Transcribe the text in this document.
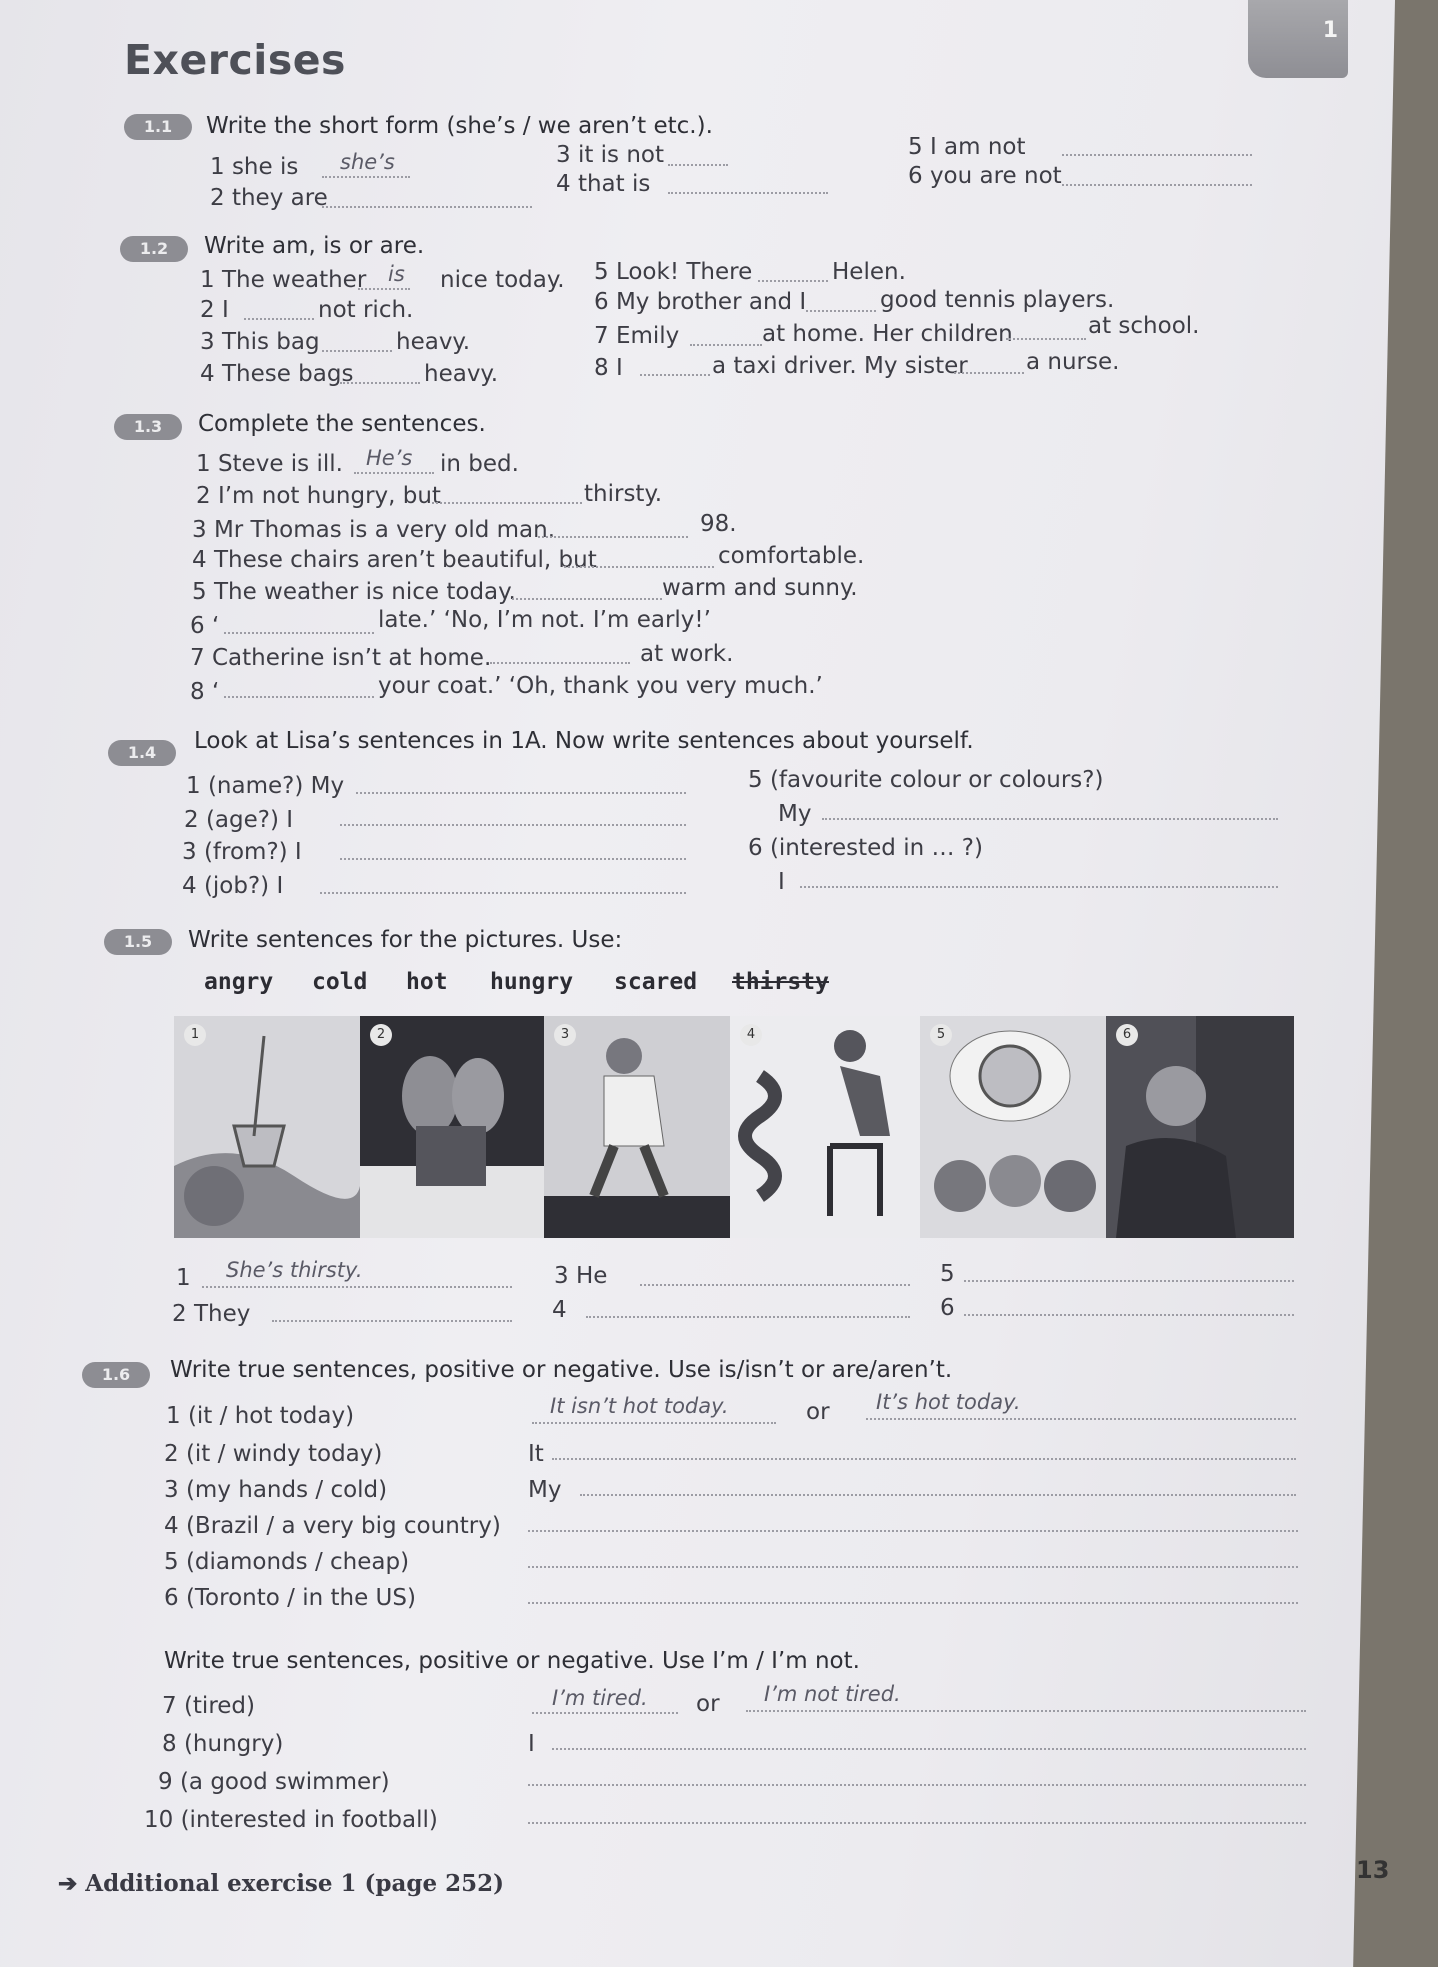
1
Exercises
1.1	Write the short form (she’s / we aren’t etc.).
1 she is she’s
2 they are
3 it is not
4 that is
5 I am not
6 you are not
1.2	Write am, is or are.
1 The weather is nice today.
2 I	not rich.
3 This bag	heavy.
4 These bags	heavy.
5 Look! There	Helen.
6 My brother and I	good tennis players.
7 Emily	at home. Her children	at school.
8 I	a taxi driver. My sister	a nurse.
1.3	Complete the sentences.
1 Steve is ill. He’s in bed.
2 I’m not hungry, but	thirsty.
3 Mr Thomas is a very old man.	98.
4 These chairs aren’t beautiful, but	comfortable.
5 The weather is nice today.	warm and sunny.
6 ‘	late.’ ‘No, I’m not. I’m early!’
7 Catherine isn’t at home.	at work.
8 ‘	your coat.’ ‘Oh, thank you very much.’
1.4	Look at Lisa’s sentences in 1A. Now write sentences about yourself.
1 (name?) My
2 (age?) I
3 (from?) I
4 (job?) I
5 (favourite colour or colours?)
My
6 (interested in … ?)
I
1.5	Write sentences for the pictures. Use:
angry cold hot hungry scared thirsty
1	2	3	4	5	6
1 She’s thirsty.
2 They
3 He
4
5
6
1.6	Write true sentences, positive or negative. Use is/isn’t or are/aren’t.
1 (it / hot today)	It isn’t hot today.	or It’s hot today.
2 (it / windy today)	It
3 (my hands / cold)	My
4 (Brazil / a very big country)
5 (diamonds / cheap)
6 (Toronto / in the US)
Write true sentences, positive or negative. Use I’m / I’m not.
7 (tired)	I’m tired. or I’m not tired.
8 (hungry)	I
9 (a good swimmer)
10 (interested in football)
➔ Additional exercise 1 (page 252)	13
